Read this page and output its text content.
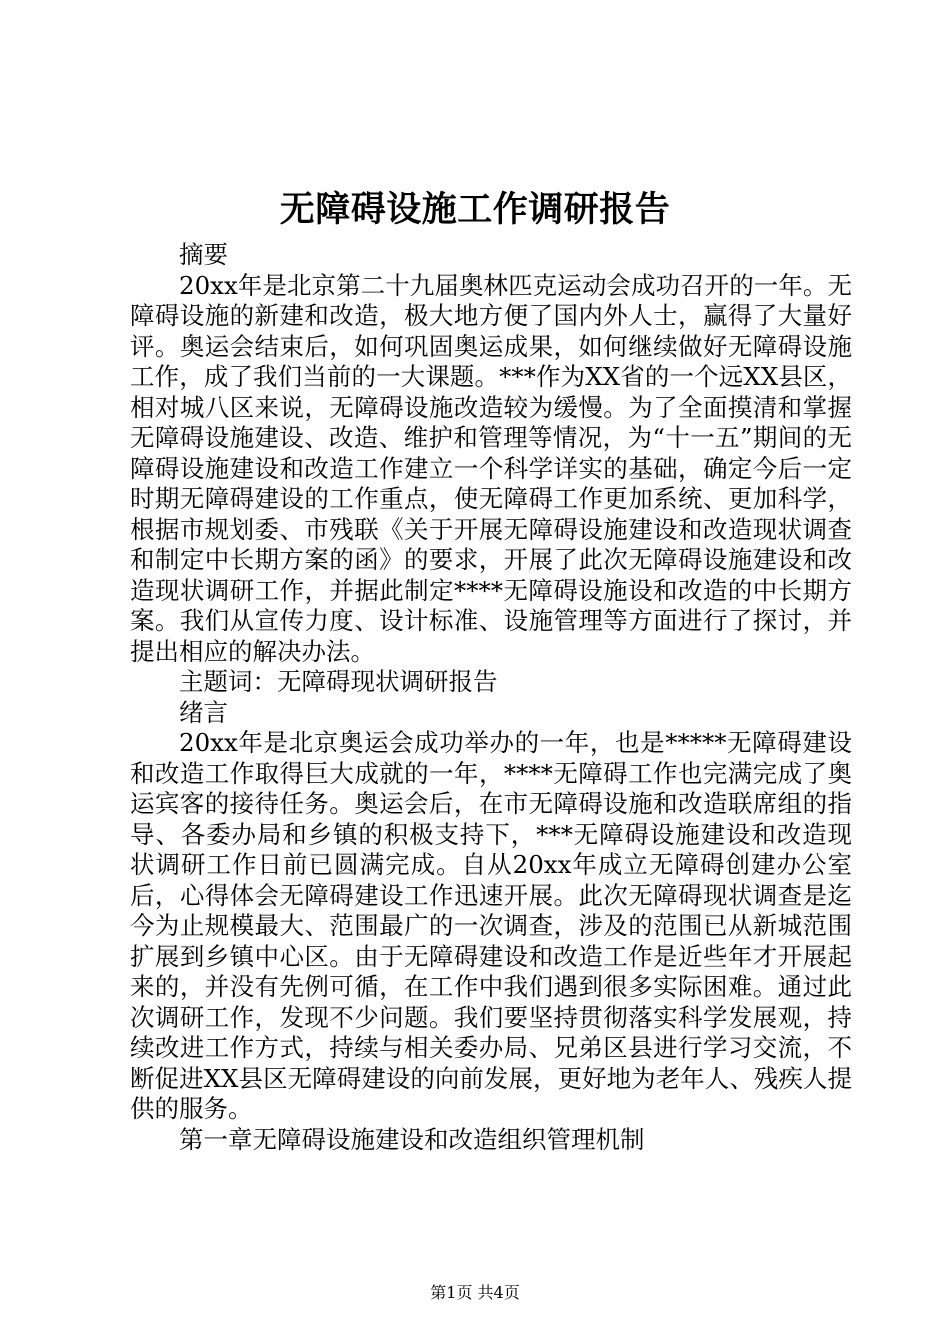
无障碍设施工作调研报告

摘要

20xx年是北京第二十九届奥林匹克运动会成功召开的一年。无障碍设施的新建和改造，极大地方便了国内外人士，赢得了大量好评。奥运会结束后，如何巩固奥运成果，如何继续做好无障碍设施工作，成了我们当前的一大课题。***作为XX省的一个远XX县区，相对城八区来说，无障碍设施改造较为缓慢。为了全面摸清和掌握无障碍设施建设、改造、维护和管理等情况，为“十一五”期间的无障碍设施建设和改造工作建立一个科学详实的基础，确定今后一定时期无障碍建设的工作重点，使无障碍工作更加系统、更加科学，根据市规划委、市残联《关于开展无障碍设施建设和改造现状调查和制定中长期方案的函》的要求，开展了此次无障碍设施建设和改造现状调研工作，并据此制定****无障碍设施设和改造的中长期方案。我们从宣传力度、设计标准、设施管理等方面进行了探讨，并提出相应的解决办法。

主题词：无障碍现状调研报告

绪言

20xx年是北京奥运会成功举办的一年，也是*****无障碍建设和改造工作取得巨大成就的一年，****无障碍工作也完满完成了奥运宾客的接待任务。奥运会后，在市无障碍设施和改造联席组的指导、各委办局和乡镇的积极支持下，***无障碍设施建设和改造现状调研工作日前已圆满完成。自从20xx年成立无障碍创建办公室后，心得体会无障碍建设工作迅速开展。此次无障碍现状调查是迄今为止规模最大、范围最广的一次调查，涉及的范围已从新城范围扩展到乡镇中心区。由于无障碍建设和改造工作是近些年才开展起来的，并没有先例可循，在工作中我们遇到很多实际困难。通过此次调研工作，发现不少问题。我们要坚持贯彻落实科学发展观，持续改进工作方式，持续与相关委办局、兄弟区县进行学习交流，不断促进XX县区无障碍建设的向前发展，更好地为老年人、残疾人提供的服务。

第一章无障碍设施建设和改造组织管理机制

第1页 共4页
